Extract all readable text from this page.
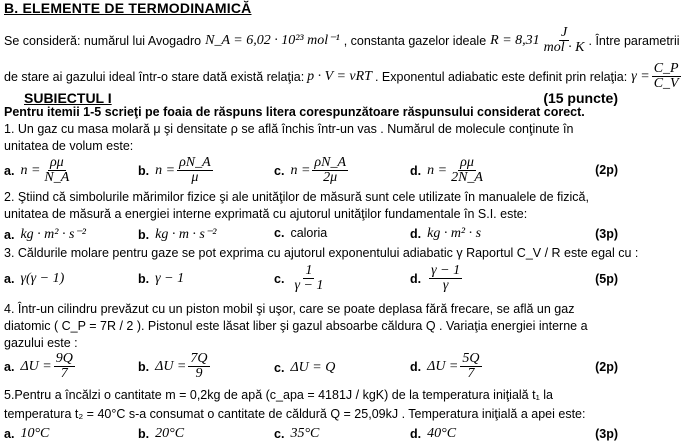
B. ELEMENTE DE TERMODINAMICĂ
Se consideră: numărul lui Avogadro N_A = 6,02 · 10²³ mol⁻¹ , constanta gazelor ideale R = 8,31 J
mol · K . Între parametrii
de stare ai gazului ideal într-o stare dată există relaţia: p · V = νRT . Exponentul adiabatic este definit prin relaţia: $\gamma = \frac{C\_P}{C\_V}$
SUBIECTUL I	(15 puncte)
Pentru itemii 1-5 scrieţi pe foaia de răspuns litera corespunzătoare răspunsului considerat corect.
1. Un gaz cu masa molară μ şi densitate ρ se află închis într-un vas . Numărul de molecule conţinute în
unitatea de volum este:
a. $n = \frac{\rho\mu}{N\_A}$	b. $n = \frac{\rho N\_A}{\mu}$	c. $n = \frac{\rho N\_A}{2\mu}$	d. $n = \frac{\rho\mu}{2N\_A}$	(2p)
2. Ştiind că simbolurile mărimilor fizice şi ale unităţilor de măsură sunt cele utilizate în manualele de fizică,
unitatea de măsură a energiei interne exprimată cu ajutorul unităţilor fundamentale în S.I. este:
a. kg · m² · s⁻²	b. kg · m · s⁻²	c. caloria	d. kg · m² · s	(3p)
3. Căldurile molare pentru gaze se pot exprima cu ajutorul exponentului adiabatic γ Raportul C_V / R este egal cu :
a. γ(γ − 1)	b. γ − 1	c. $\frac{1}{\gamma - 1}$	d. $\frac{\gamma - 1}{\gamma}$	(5p)
4. Într-un cilindru prevăzut cu un piston mobil şi uşor, care se poate deplasa fără frecare, se află un gaz
diatomic ( C_P = 7R / 2 ). Pistonul este lăsat liber şi gazul absoarbe căldura Q . Variaţia energiei interne a
gazului este :
a. $\Delta U = \frac{9Q}{7}$	b. $\Delta U = \frac{7Q}{9}$	c. ΔU = Q	d. $\Delta U = \frac{5Q}{7}$	(2p)
5.Pentru a încălzi o cantitate m = 0,2kg de apă (c_apa = 4181J / kgK) de la temperatura iniţială t₁ la
temperatura t₂ = 40°C s-a consumat o cantitate de căldură Q = 25,09kJ . Temperatura iniţială a apei este:
a. 10°C	b. 20°C	c. 35°C	d. 40°C	(3p)
